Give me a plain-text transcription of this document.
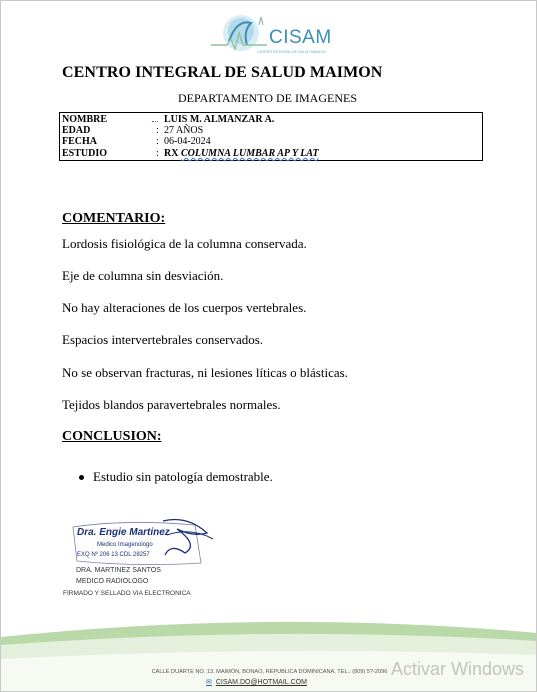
CISAM
CENTRO INTEGRAL DE SALUD MAIMON
CENTRO INTEGRAL DE SALUD MAIMON
DEPARTAMENTO DE IMAGENES
NOMBRE	LUIS M. ALMANZAR A.
EDAD	: 27 AÑOS
FECHA	: 06-04-2024
ESTUDIO	: RX COLUMNA LUMBAR AP Y LAT
COMENTARIO:
Lordosis fisiológica de la columna conservada.
Eje de columna sin desviación.
No hay alteraciones de los cuerpos vertebrales.
Espacios intervertebrales conservados.
No se observan fracturas, ni lesiones líticas o blásticas.
Tejidos blandos paravertebrales normales.
CONCLUSION:
Estudio sin patología demostrable.
Dra. Engie Martinez
Medico Imagenologo
EXQ Nº 206 13 CDL 28257
DRA. MARTINEZ SANTOS
MEDICO RADIOLOGO
FIRMADO Y SELLADO VIA ELECTRONICA
CALLE DUARTE NO. 13, MAIMÓN, BONAO, REPUBLICA DOMINICANA, TEL.: (809) 5?-2096
✉ CISAM.DO@HOTMAIL.COM
Activar Windows
